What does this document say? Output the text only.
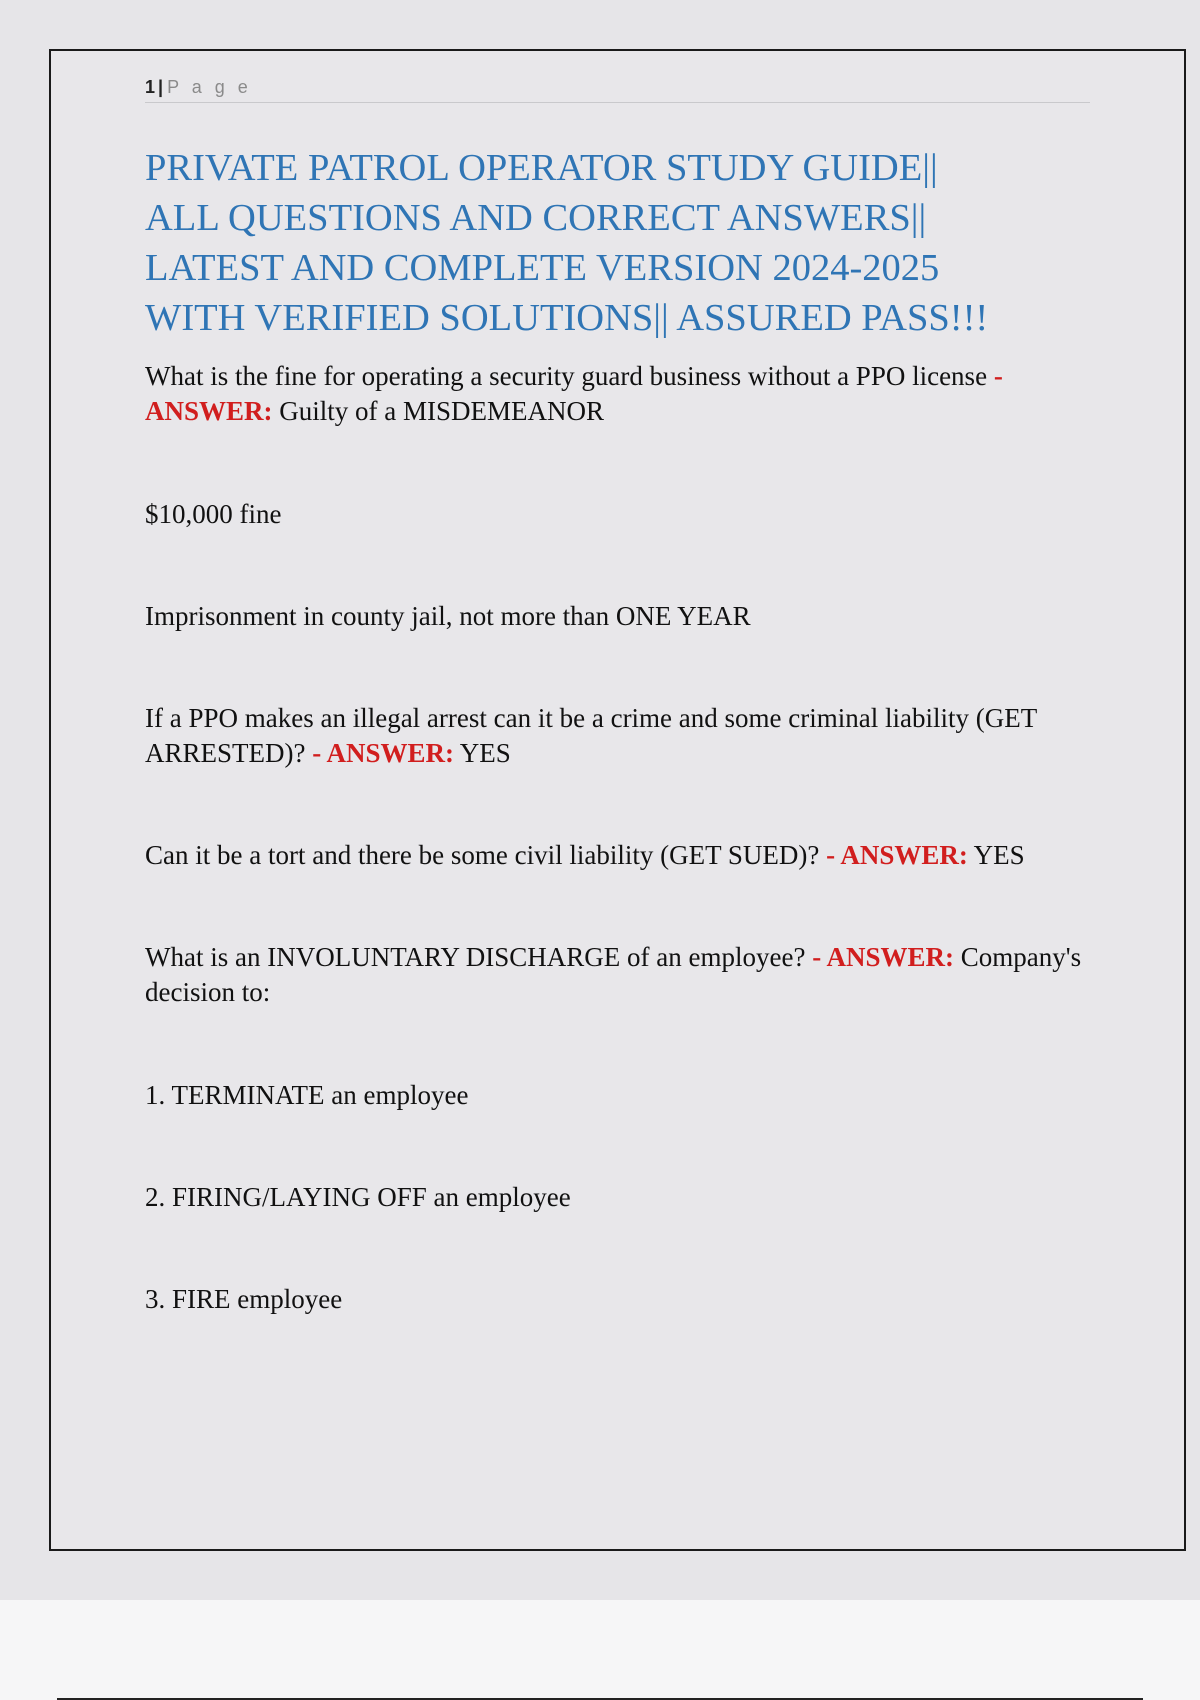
1 | P a g e
PRIVATE PATROL OPERATOR STUDY GUIDE||
ALL QUESTIONS AND CORRECT ANSWERS||
LATEST AND COMPLETE VERSION 2024-2025
WITH VERIFIED SOLUTIONS|| ASSURED PASS!!!

What is the fine for operating a security guard business without a PPO license - ANSWER: Guilty of a MISDEMEANOR

$10,000 fine

Imprisonment in county jail, not more than ONE YEAR

If a PPO makes an illegal arrest can it be a crime and some criminal liability (GET ARRESTED)? - ANSWER: YES

Can it be a tort and there be some civil liability (GET SUED)? - ANSWER: YES

What is an INVOLUNTARY DISCHARGE of an employee? - ANSWER: Company's decision to:

1. TERMINATE an employee

2. FIRING/LAYING OFF an employee

3. FIRE employee
